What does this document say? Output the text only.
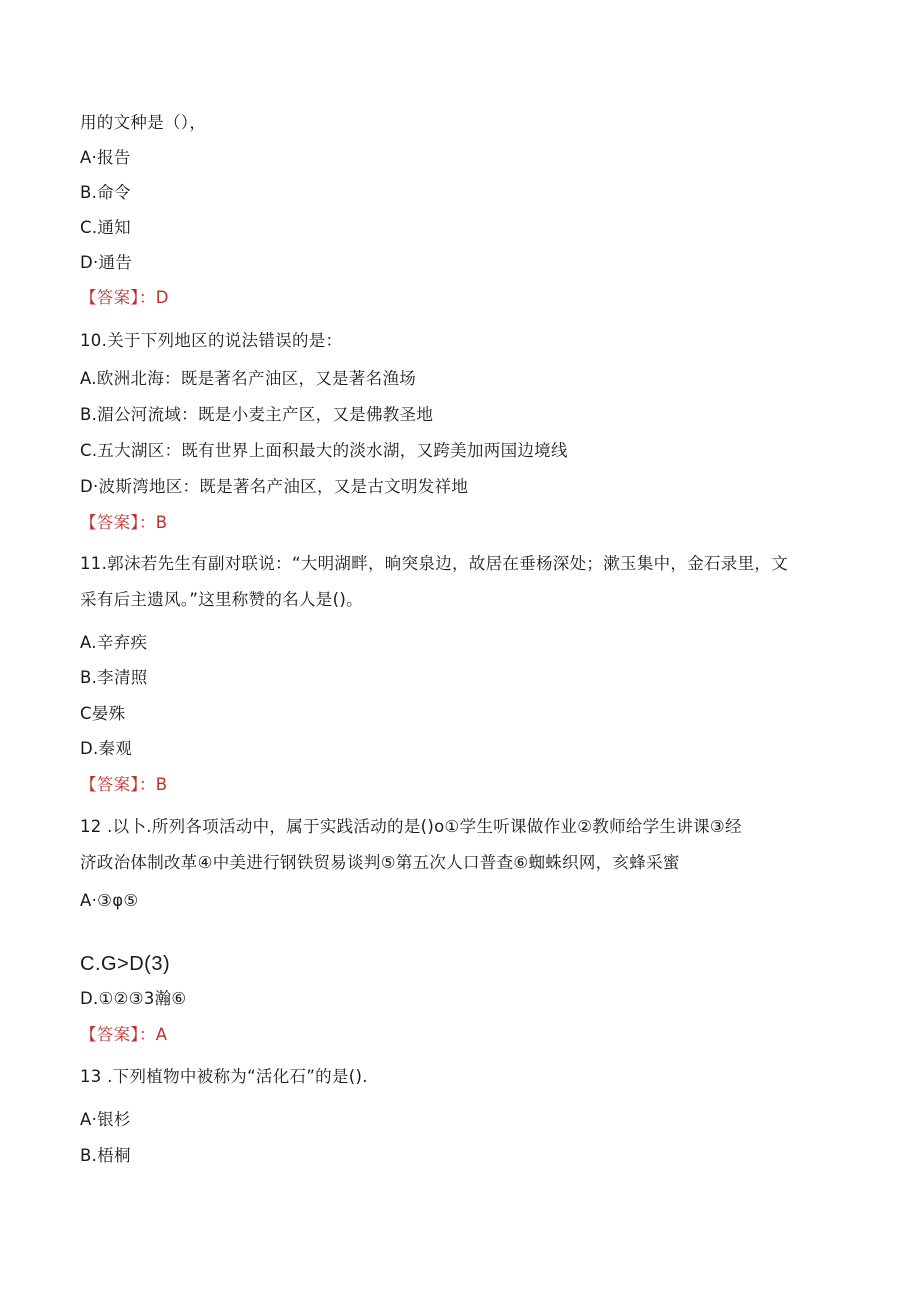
用的文种是（），
A·报告
B.命令
C.通知
D·通告
【答案】：D
10.关于下列地区的说法错误的是：
A.欧洲北海：既是著名产油区，又是著名渔场
B.湄公河流域：既是小麦主产区，又是佛教圣地
C.五大湖区：既有世界上面积最大的淡水湖，又跨美加两国边境线
D·波斯湾地区：既是著名产油区，又是古文明发祥地
【答案】：B
11.郭沫若先生有副对联说：“大明湖畔，晌突泉边，故居在垂杨深处；漱玉集中，金石录里，文
采有后主遗风。”这里称赞的名人是()。
A.辛弃疾
B.李清照
C晏殊
D.秦观
【答案】：B
12 .以卜.所列各项活动中，属于实践活动的是()o①学生听课做作业②教师给学生讲课③经
济政治体制改革④中美进行钢铁贸易谈判⑤第五次人口普查⑥蜘蛛织网，亥蜂采蜜
A·③φ⑤
C.G>D(3)
D.①②③3瀚⑥
【答案】：A
13 .下列植物中被称为“活化石”的是().
A·银杉
B.梧桐
